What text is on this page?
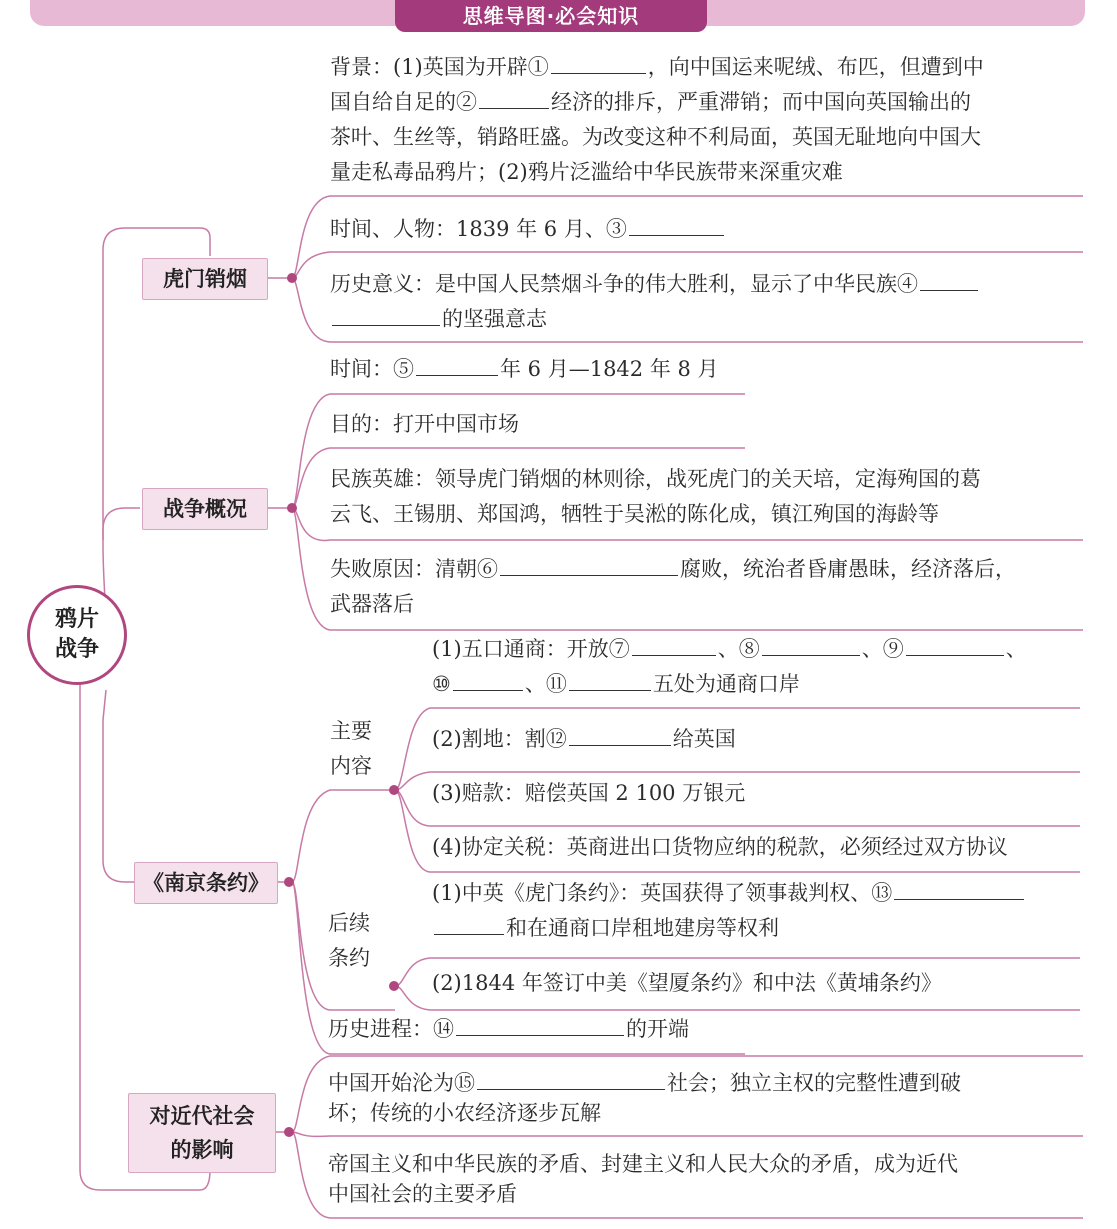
思维导图·必会知识
鸦片
战争
虎门销烟
战争概况
《南京条约》
对近代社会
的影响
背景：(1)英国为开辟①	，向中国运来呢绒、布匹，但遭到中
国自给自足的②	经济的排斥，严重滞销；而中国向英国输出的
茶叶、生丝等，销路旺盛。为改变这种不利局面，英国无耻地向中国大
量走私毒品鸦片；(2)鸦片泛滥给中华民族带来深重灾难
时间、人物：1839 年 6 月、③
历史意义：是中国人民禁烟斗争的伟大胜利，显示了中华民族④
的坚强意志
时间：⑤	年 6 月—1842 年 8 月
目的：打开中国市场
民族英雄：领导虎门销烟的林则徐，战死虎门的关天培，定海殉国的葛
云飞、王锡朋、郑国鸿，牺牲于吴淞的陈化成，镇江殉国的海龄等
失败原因：清朝⑥	腐败，统治者昏庸愚昧，经济落后，
武器落后
主要
内容
(1)五口通商：开放⑦	、⑧	、⑨	、
⑩	、⑪	五处为通商口岸
(2)割地：割⑫	给英国
(3)赔款：赔偿英国 2 100 万银元
(4)协定关税：英商进出口货物应纳的税款，必须经过双方协议
后续
条约
(1)中英《虎门条约》：英国获得了领事裁判权、⑬
和在通商口岸租地建房等权利
(2)1844 年签订中美《望厦条约》和中法《黄埔条约》
历史进程：⑭	的开端
中国开始沦为⑮	社会；独立主权的完整性遭到破
坏；传统的小农经济逐步瓦解
帝国主义和中华民族的矛盾、封建主义和人民大众的矛盾，成为近代
中国社会的主要矛盾
